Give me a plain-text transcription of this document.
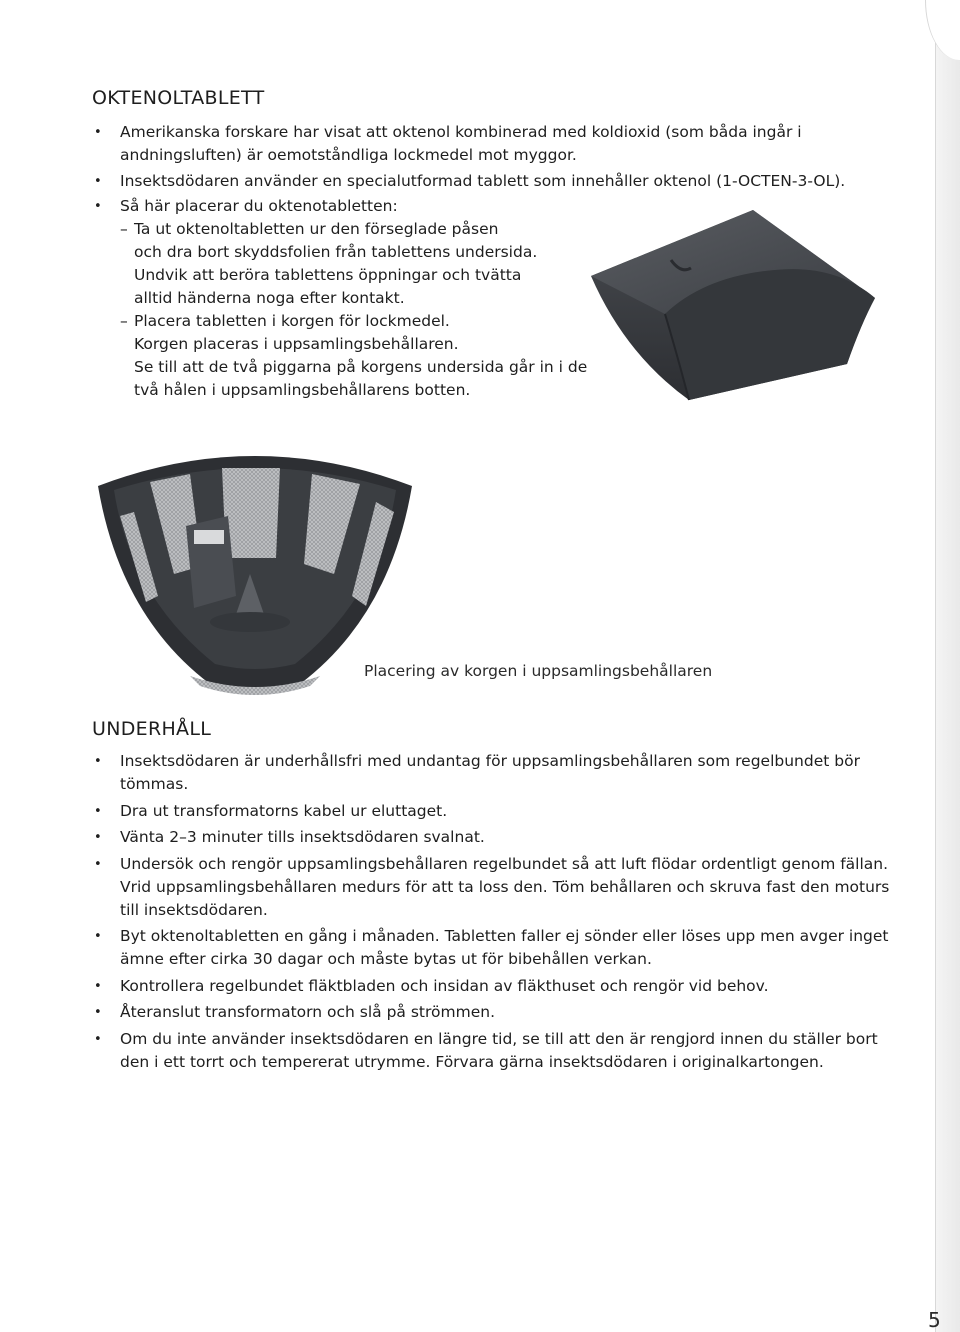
OKTENOLTABLETT
• Amerikanska forskare har visat att oktenol kombinerad med koldioxid (som båda ingår i andningsluften) är oemotståndliga lockmedel mot myggor.
• Insektsdödaren använder en specialutformad tablett som innehåller oktenol (1-OCTEN-3-OL).
• Så här placerar du oktenotabletten:
– Ta ut oktenoltabletten ur den förseglade påsen
och dra bort skyddsfolien från tablettens undersida.
Undvik att beröra tablettens öppningar och tvätta
alltid händerna noga efter kontakt.
– Placera tabletten i korgen för lockmedel.
Korgen placeras i uppsamlingsbehållaren.
Se till att de två piggarna på korgens undersida går in i de
två hålen i uppsamlingsbehållarens botten.
Placering av korgen i uppsamlingsbehållaren
UNDERHÅLL
• Insektsdödaren är underhållsfri med undantag för uppsamlingsbehållaren som regelbundet bör tömmas.
• Dra ut transformatorns kabel ur eluttaget.
• Vänta 2–3 minuter tills insektsdödaren svalnat.
• Undersök och rengör uppsamlingsbehållaren regelbundet så att luft flödar ordentligt genom fällan. Vrid uppsamlingsbehållaren medurs för att ta loss den. Töm behållaren och skruva fast den moturs till insektsdödaren.
• Byt oktenoltabletten en gång i månaden. Tabletten faller ej sönder eller löses upp men avger inget ämne efter cirka 30 dagar och måste bytas ut för bibehållen verkan.
• Kontrollera regelbundet fläktbladen och insidan av fläkthuset och rengör vid behov.
• Återanslut transformatorn och slå på strömmen.
• Om du inte använder insektsdödaren en längre tid, se till att den är rengjord innen du ställer bort den i ett torrt och tempererat utrymme. Förvara gärna insektsdödaren i originalkartongen.
5
